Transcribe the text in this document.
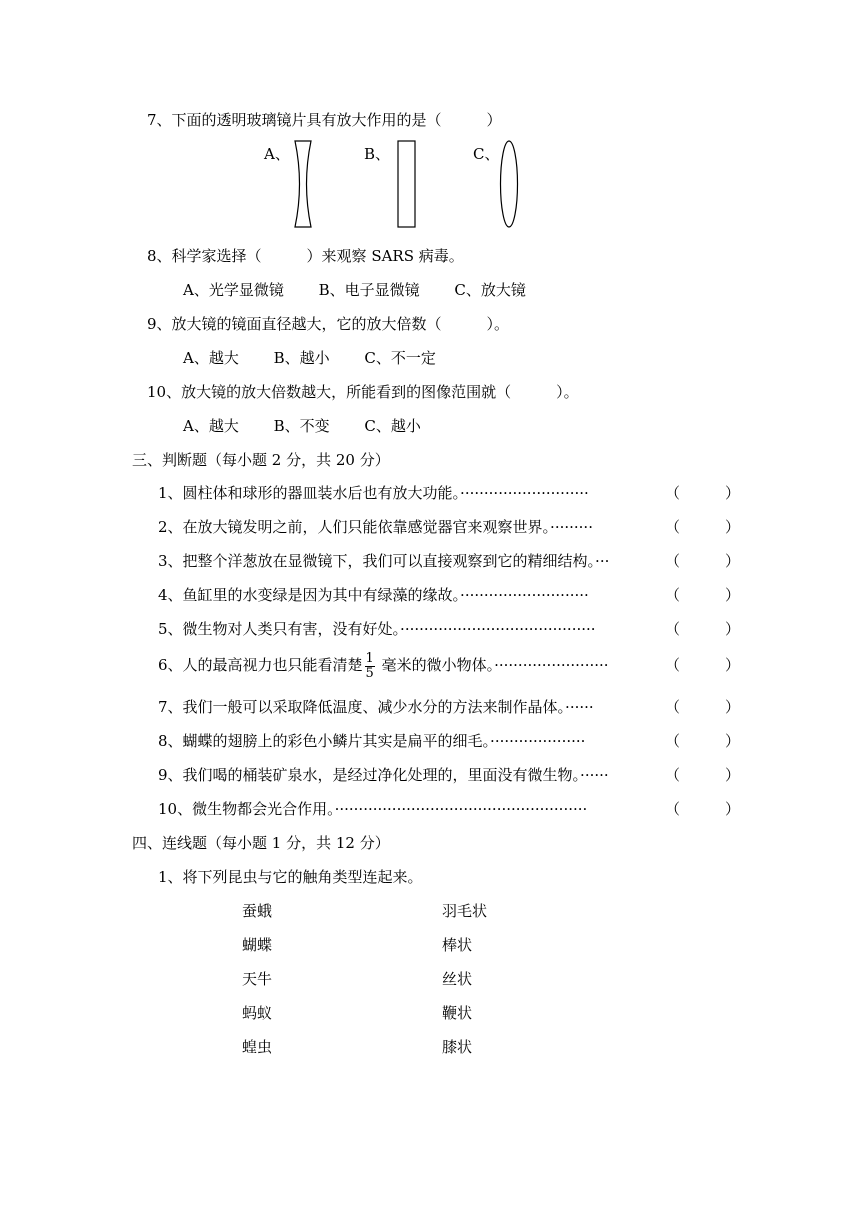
7、下面的透明玻璃镜片具有放大作用的是（　　　）
A、	B、	C、
8、科学家选择（　　　）来观察 SARS 病毒。
A、光学显微镜　　 B、电子显微镜　　 C、放大镜
9、放大镜的镜面直径越大，它的放大倍数（　　　）。
A、越大　　 B、越小　　 C、不一定
10、放大镜的放大倍数越大，所能看到的图像范围就（　　　）。
A、越大　　 B、不变　　 C、越小
三、判断题（每小题 2 分，共 20 分）
1、圆柱体和球形的器皿装水后也有放大功能。···························	（　　　）
2、在放大镜发明之前，人们只能依靠感觉器官来观察世界。·········	（　　　）
3、把整个洋葱放在显微镜下，我们可以直接观察到它的精细结构。···	（　　　）
4、鱼缸里的水变绿是因为其中有绿藻的缘故。···························	（　　　）
5、微生物对人类只有害，没有好处。·········································	（　　　）
6、人的最高视力也只能看清楚 $\frac{1}{5}$ 毫米的微小物体。························	（　　　）
7、我们一般可以采取降低温度、减少水分的方法来制作晶体。······	（　　　）
8、蝴蝶的翅膀上的彩色小鳞片其实是扁平的细毛。····················	（　　　）
9、我们喝的桶装矿泉水，是经过净化处理的，里面没有微生物。······	（　　　）
10、微生物都会光合作用。·····················································	（　　　）
四、连线题（每小题 1 分，共 12 分）
1、将下列昆虫与它的触角类型连起来。
蚕蛾	羽毛状
蝴蝶	棒状
天牛	丝状
蚂蚁	鞭状
蝗虫	膝状
